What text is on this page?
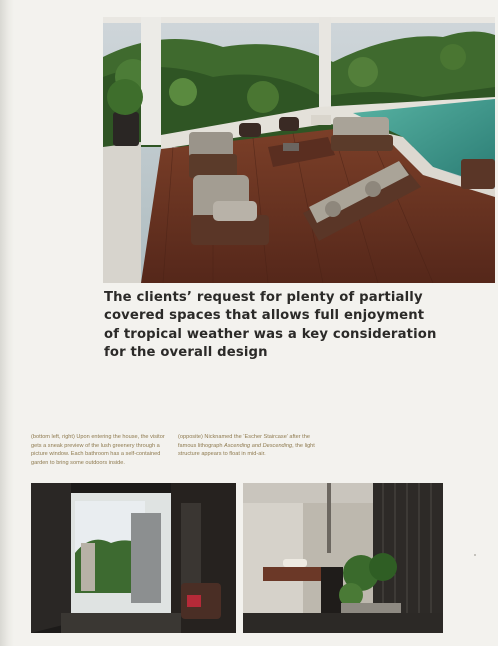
The clients’ request for plenty of partially covered spaces that allows full enjoyment of tropical weather was a key consideration for the overall design

(bottom left, right) Upon entering the house, the visitor gets a sneak preview of the lush greenery through a picture window. Each bathroom has a self-contained garden to bring some outdoors inside.

(opposite) Nicknamed the ‘Escher Staircase’ after the famous lithograph Ascending and Descending, the light structure appears to float in mid-air.
